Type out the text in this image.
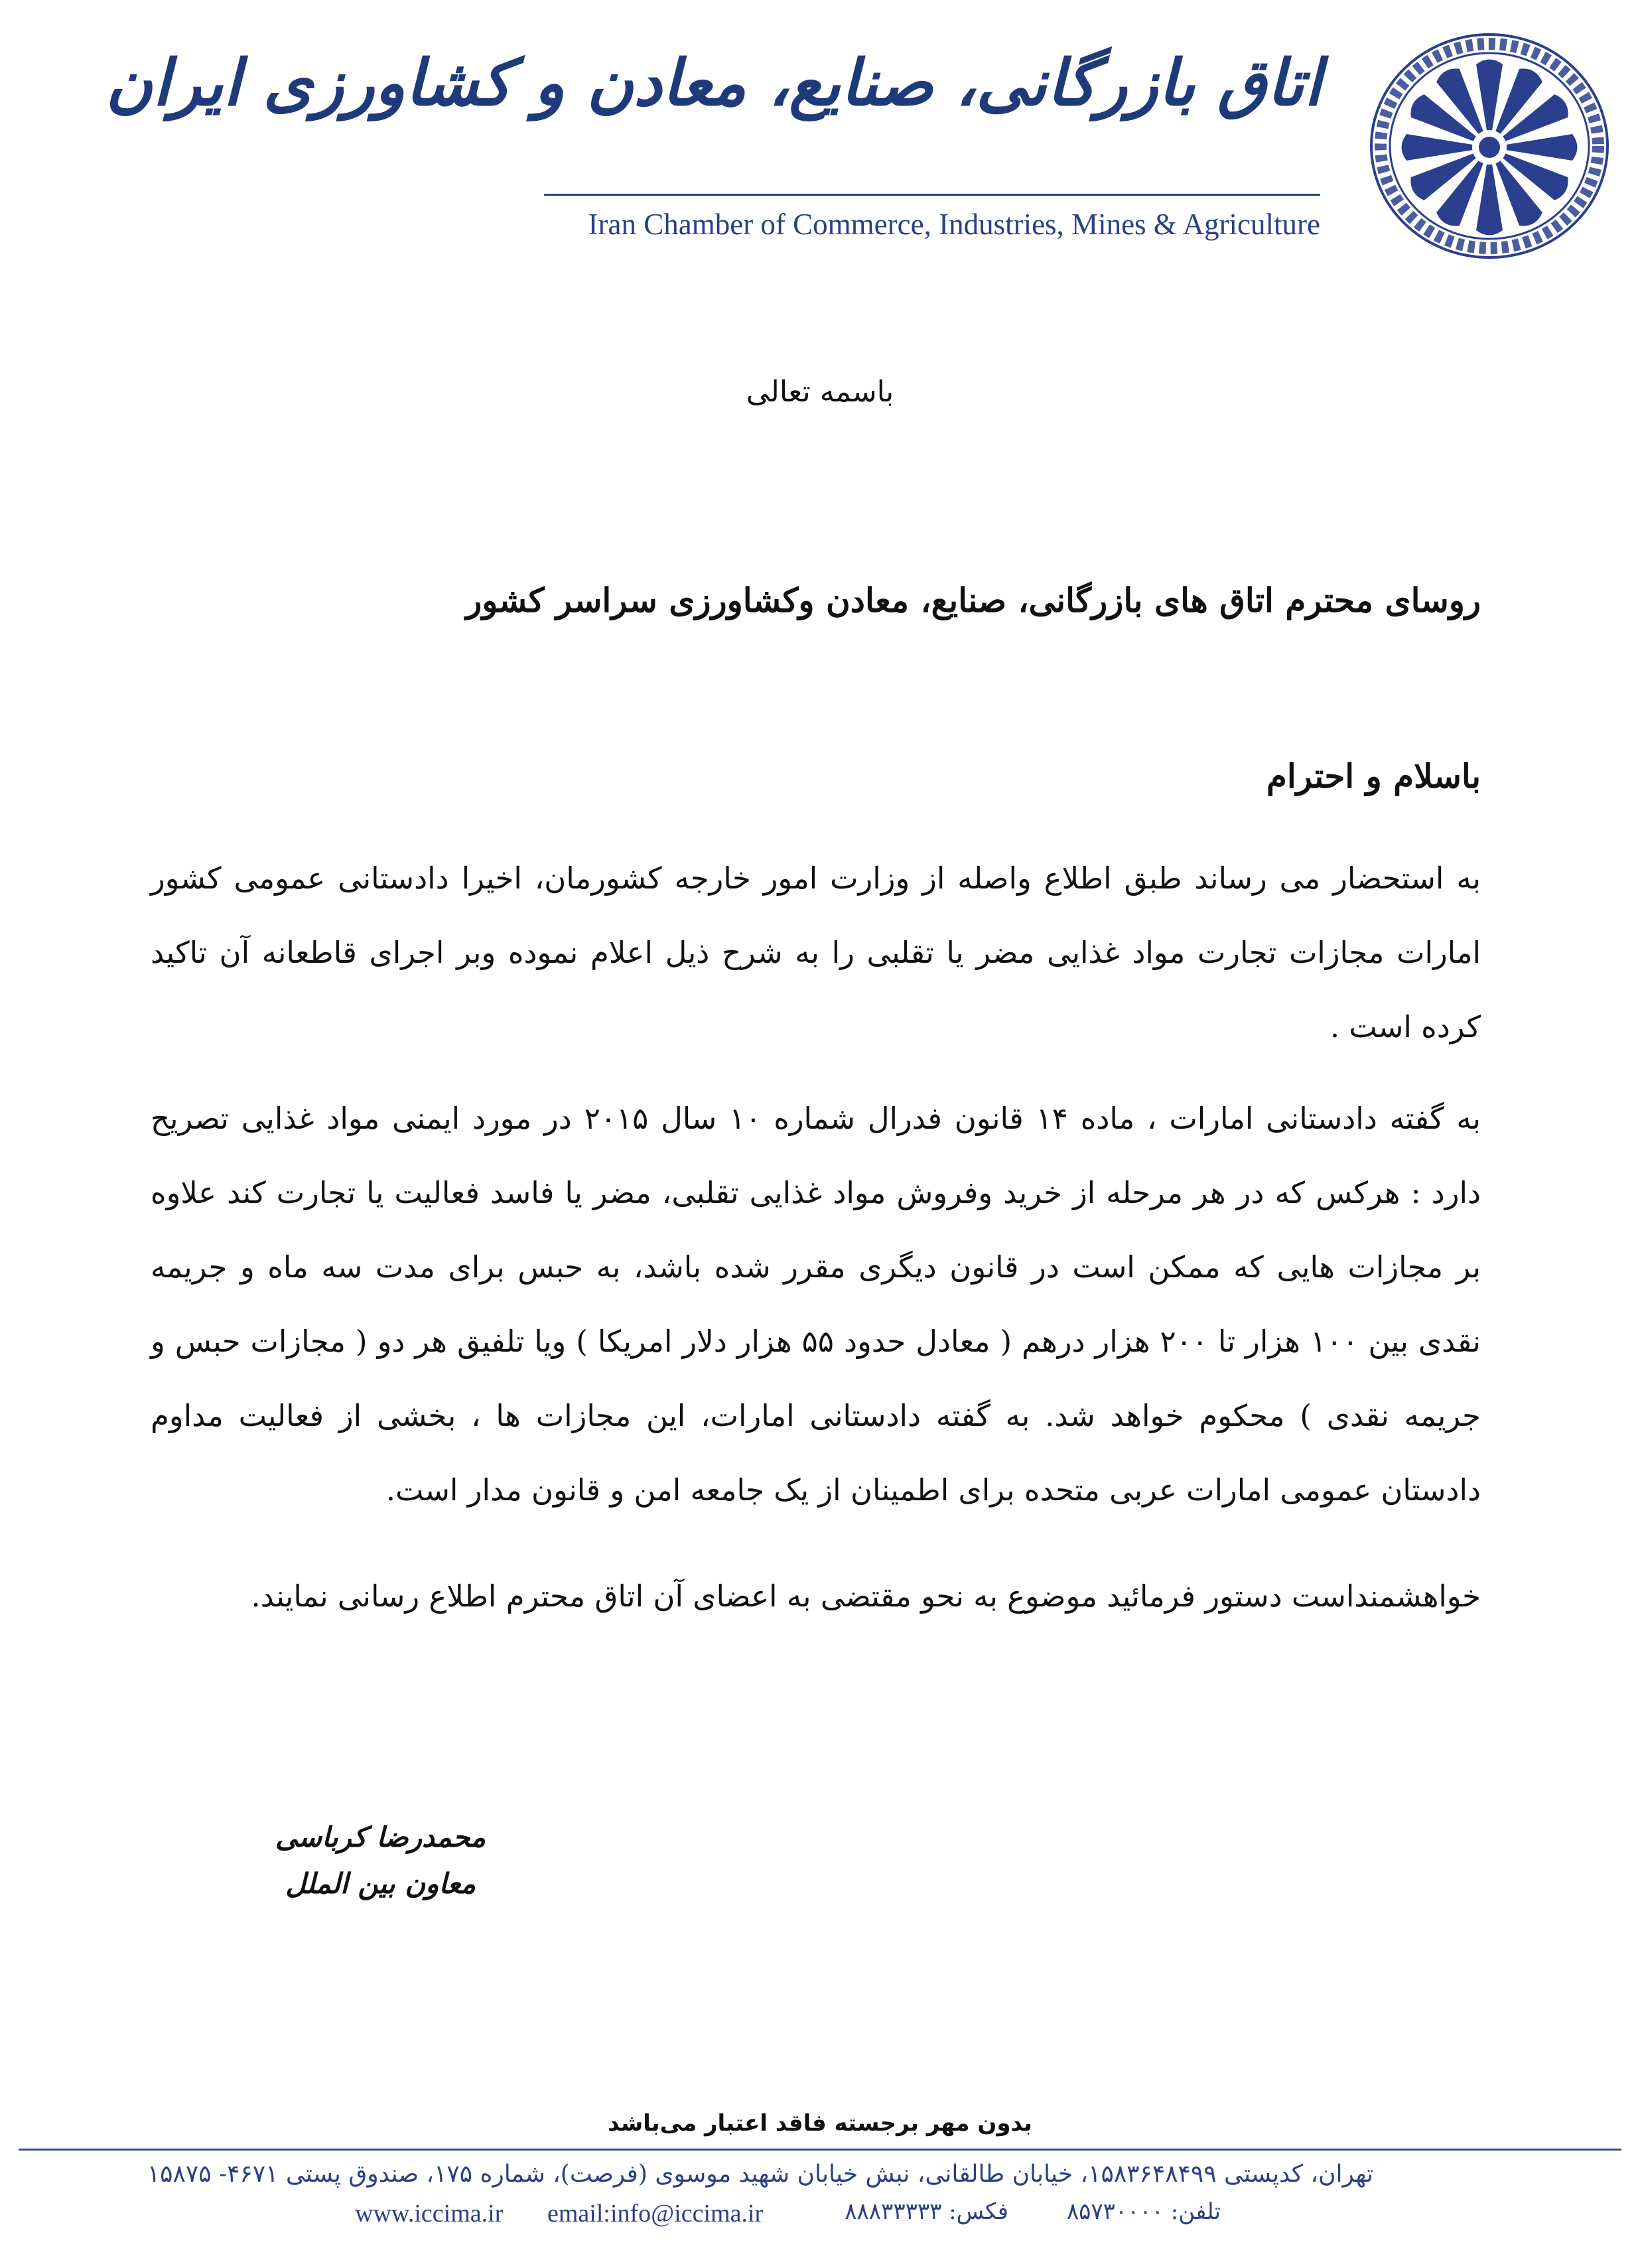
اتاق بازرگانی، صنایع، معادن و کشاورزی ایران
Iran Chamber of Commerce, Industries, Mines & Agriculture
باسمه تعالی
روسای محترم اتاق های بازرگانی، صنایع، معادن وکشاورزی سراسر کشور
باسلام و احترام
به استحضار می رساند طبق اطلاع واصله از وزارت امور خارجه کشورمان، اخیرا دادستانی عمومی کشور امارات مجازات تجارت مواد غذایی مضر یا تقلبی را به شرح ذیل اعلام نموده وبر اجرای قاطعانه آن تاکید کرده است .
به گفته دادستانی امارات ، ماده ۱۴ قانون فدرال شماره ۱۰ سال ۲۰۱۵ در مورد ایمنی مواد غذایی تصریح دارد : هرکس که در هر مرحله از خرید وفروش مواد غذایی تقلبی، مضر یا فاسد فعالیت یا تجارت کند علاوه بر مجازات هایی که ممکن است در قانون دیگری مقرر شده باشد، به حبس برای مدت سه ماه و جریمه نقدی بین ۱۰۰ هزار تا ۲۰۰ هزار درهم ( معادل حدود ۵۵ هزار دلار امریکا ) ویا تلفیق هر دو ( مجازات حبس و جریمه نقدی ) محکوم خواهد شد. به گفته دادستانی امارات، این مجازات ها ، بخشی از فعالیت مداوم دادستان عمومی امارات عربی متحده برای اطمینان از یک جامعه امن و قانون مدار است.
خواهشمنداست دستور فرمائید موضوع به نحو مقتضی به اعضای آن اتاق محترم اطلاع رسانی نمایند.
محمدرضا کرباسی
معاون بین الملل
بدون مهر برجسته فاقد اعتبار می‌باشد
تهران، کدپستی ۱۵۸۳۶۴۸۴۹۹، خیابان طالقانی، نبش خیابان شهید موسوی (فرصت)، شماره ۱۷۵، صندوق پستی ۴۶۷۱- ۱۵۸۷۵
تلفن: ۸۵۷۳۰۰۰۰
فکس: ۸۸۸۳۳۳۳۳
email:info@iccima.ir
www.iccima.ir
